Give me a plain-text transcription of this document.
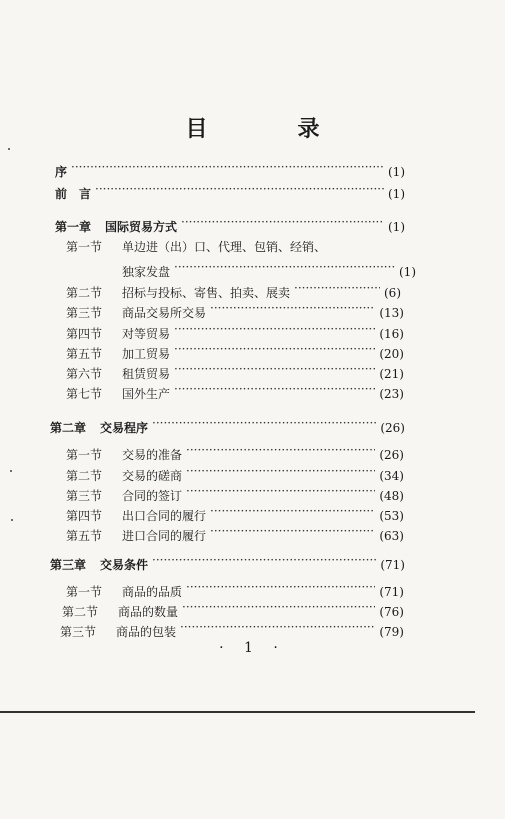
目　录
序 ·····	(1)
前　言 ·····	(1)
第一章	国际贸易方式 ·····	(1)
第一节	单边进（出）口、代理、包销、经销、
独家发盘 ·····	(1)
第二节	招标与投标、寄售、拍卖、展卖 ·····	(6)
第三节	商品交易所交易 ·····	(13)
第四节	对等贸易 ·····	(16)
第五节	加工贸易 ·····	(20)
第六节	租赁贸易 ·····	(21)
第七节	国外生产 ·····	(23)
第二章	交易程序 ·····	(26)
第一节	交易的准备 ·····	(26)
第二节	交易的磋商 ·····	(34)
第三节	合同的签订 ·····	(48)
第四节	出口合同的履行 ·····	(53)
第五节	进口合同的履行 ·····	(63)
第三章	交易条件 ·····	(71)
第一节	商品的品质 ·····	(71)
第二节	商品的数量 ·····	(76)
第三节	商品的包装 ·····	(79)
· 1 ·
